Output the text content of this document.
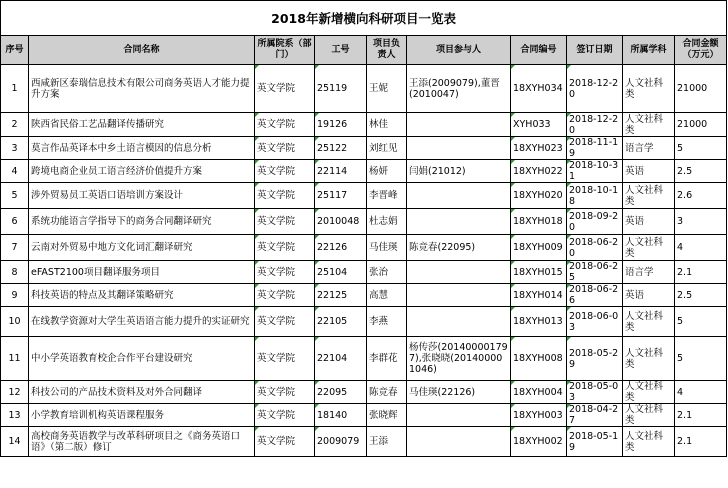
2018年新增横向科研项目一览表									
序号	合同名称	所属院系（部门）	工号	项目负责人	项目参与人	合同编号	签订日期	所属学科	合同金额（万元）
1	西咸新区泰瑞信息技术有限公司商务英语人才能力提升方案	英文学院	25119	王妮	王添(2009079),董晋(2010047)	18XYH034	2018-12-20	人文社科类	21000
2	陕西省民俗工艺品翻译传播研究	英文学院	19126	林佳		XYH033	2018-12-20	人文社科类	21000
3	莫言作品英译本中乡土语言模因的信息分析	英文学院	25122	刘红见		18XYH023	2018-11-19	语言学	5
4	跨境电商企业员工语言经济价值提升方案	英文学院	22114	杨妍	闫娟(21012)	18XYH022	2018-10-31	英语	2.5
5	涉外贸易员工英语口语培训方案设计	英文学院	25117	李晋峰		18XYH020	2018-10-18	人文社科类	2.6
6	系统功能语言学指导下的商务合同翻译研究	英文学院	2010048	杜志娟		18XYH018	2018-09-20	英语	3
7	云南对外贸易中地方文化词汇翻译研究	英文学院	22126	马佳瑛	陈竞春(22095)	18XYH009	2018-06-20	人文社科类	4
8	eFAST2100项目翻译服务项目	英文学院	25104	张治		18XYH015	2018-06-25	语言学	2.1
9	科技英语的特点及其翻译策略研究	英文学院	22125	高慧		18XYH014	2018-06-26	英语	2.5
10	在线教学资源对大学生英语语言能力提升的实证研究	英文学院	22105	李燕		18XYH013	2018-06-03	人文社科类	5
11	中小学英语教育校企合作平台建设研究	英文学院	22104	李群花	杨传莎(201400001797),张晓晓(201400001046)	18XYH008	2018-05-29	人文社科类	5
12	科技公司的产品技术资料及对外合同翻译	英文学院	22095	陈竞春	马佳瑛(22126)	18XYH004	2018-05-03	人文社科类	4
13	小学教育培训机构英语课程服务	英文学院	18140	张晓辉		18XYH003	2018-04-27	人文社科类	2.1
14	高校商务英语教学与改革科研项目之《商务英语口语》（第二版）修订	英文学院	2009079	王添		18XYH002	2018-05-19	人文社科类	2.1
